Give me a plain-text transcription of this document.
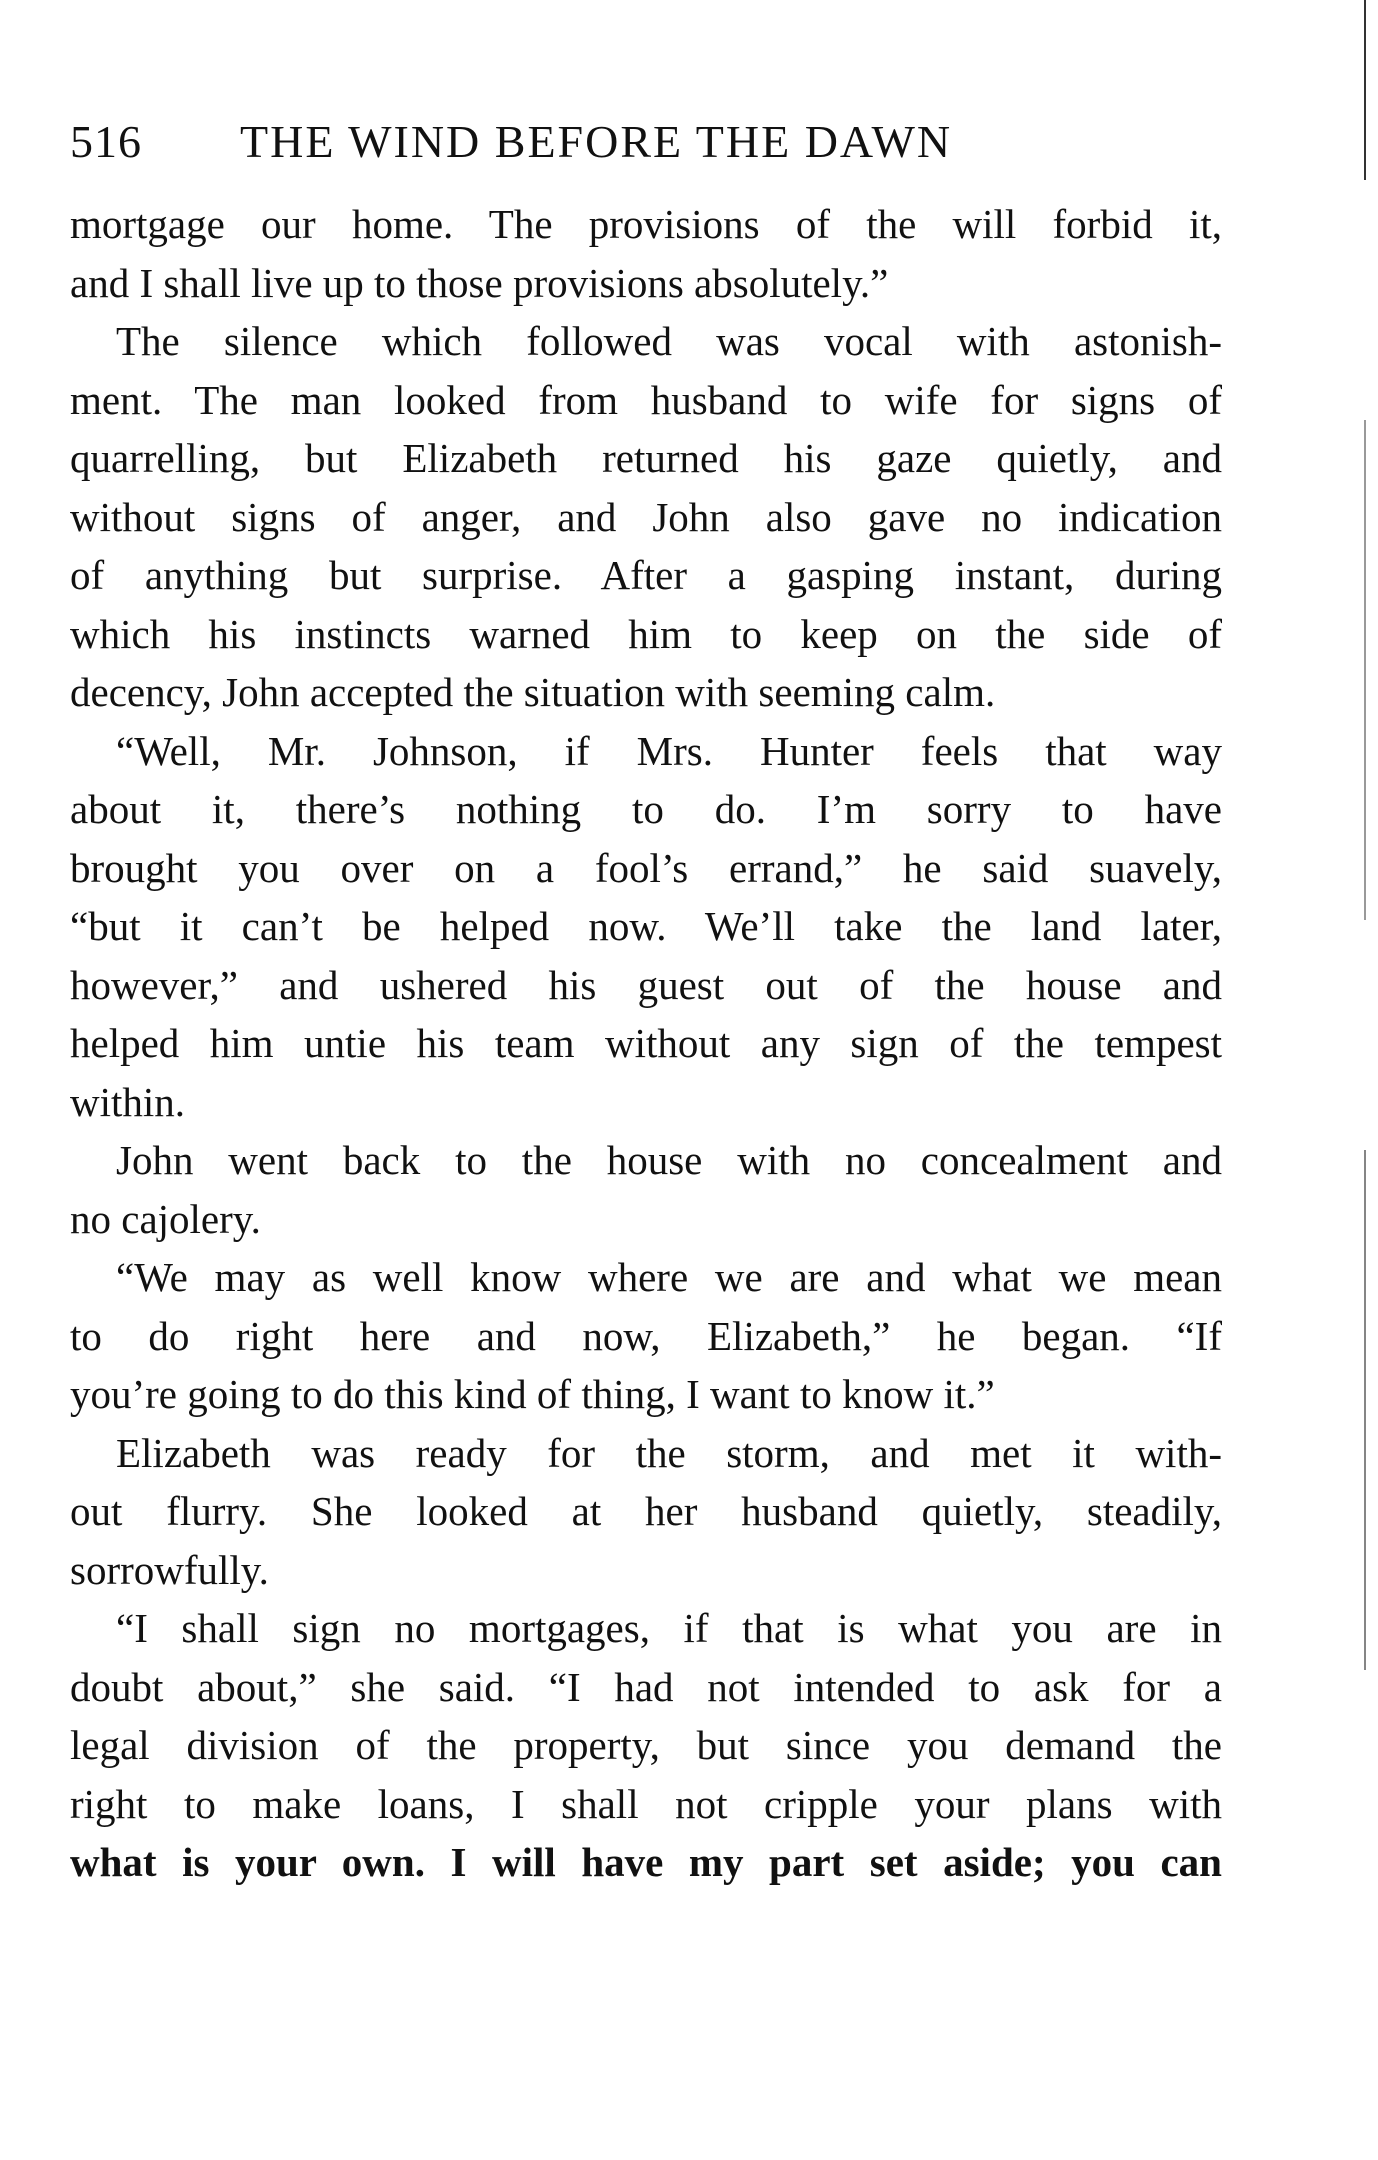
516 THE WIND BEFORE THE DAWN
mortgage our home. The provisions of the will forbid it,
and I shall live up to those provisions absolutely.”
The silence which followed was vocal with astonish-
ment. The man looked from husband to wife for signs of
quarrelling, but Elizabeth returned his gaze quietly, and
without signs of anger, and John also gave no indication
of anything but surprise. After a gasping instant, during
which his instincts warned him to keep on the side of
decency, John accepted the situation with seeming calm.
“Well, Mr. Johnson, if Mrs. Hunter feels that way
about it, there’s nothing to do. I’m sorry to have
brought you over on a fool’s errand,” he said suavely,
“but it can’t be helped now. We’ll take the land later,
however,” and ushered his guest out of the house and
helped him untie his team without any sign of the tempest
within.
John went back to the house with no concealment and
no cajolery.
“We may as well know where we are and what we mean
to do right here and now, Elizabeth,” he began. “If
you’re going to do this kind of thing, I want to know it.”
Elizabeth was ready for the storm, and met it with-
out flurry. She looked at her husband quietly, steadily,
sorrowfully.
“I shall sign no mortgages, if that is what you are in
doubt about,” she said. “I had not intended to ask for a
legal division of the property, but since you demand the
right to make loans, I shall not cripple your plans with
what is your own. I will have my part set aside; you can
